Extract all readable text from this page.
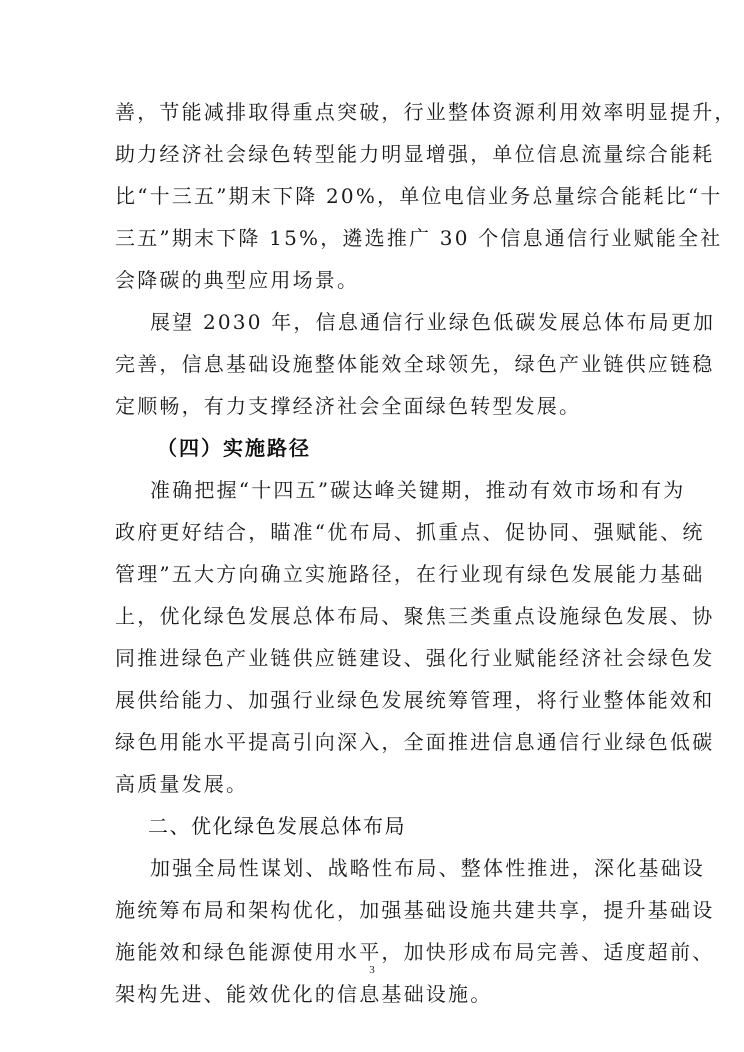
善，节能减排取得重点突破，行业整体资源利用效率明显提升，
助力经济社会绿色转型能力明显增强，单位信息流量综合能耗
比“十三五”期末下降 20%，单位电信业务总量综合能耗比“十
三五”期末下降 15%，遴选推广 30 个信息通信行业赋能全社
会降碳的典型应用场景。
展望 2030 年，信息通信行业绿色低碳发展总体布局更加
完善，信息基础设施整体能效全球领先，绿色产业链供应链稳
定顺畅，有力支撑经济社会全面绿色转型发展。
（四）实施路径
准确把握“十四五”碳达峰关键期，推动有效市场和有为
政府更好结合，瞄准“优布局、抓重点、促协同、强赋能、统
管理”五大方向确立实施路径，在行业现有绿色发展能力基础
上，优化绿色发展总体布局、聚焦三类重点设施绿色发展、协
同推进绿色产业链供应链建设、强化行业赋能经济社会绿色发
展供给能力、加强行业绿色发展统筹管理，将行业整体能效和
绿色用能水平提高引向深入，全面推进信息通信行业绿色低碳
高质量发展。
二、优化绿色发展总体布局
加强全局性谋划、战略性布局、整体性推进，深化基础设
施统筹布局和架构优化，加强基础设施共建共享，提升基础设
施能效和绿色能源使用水平，加快形成布局完善、适度超前、
架构先进、能效优化的信息基础设施。
3
